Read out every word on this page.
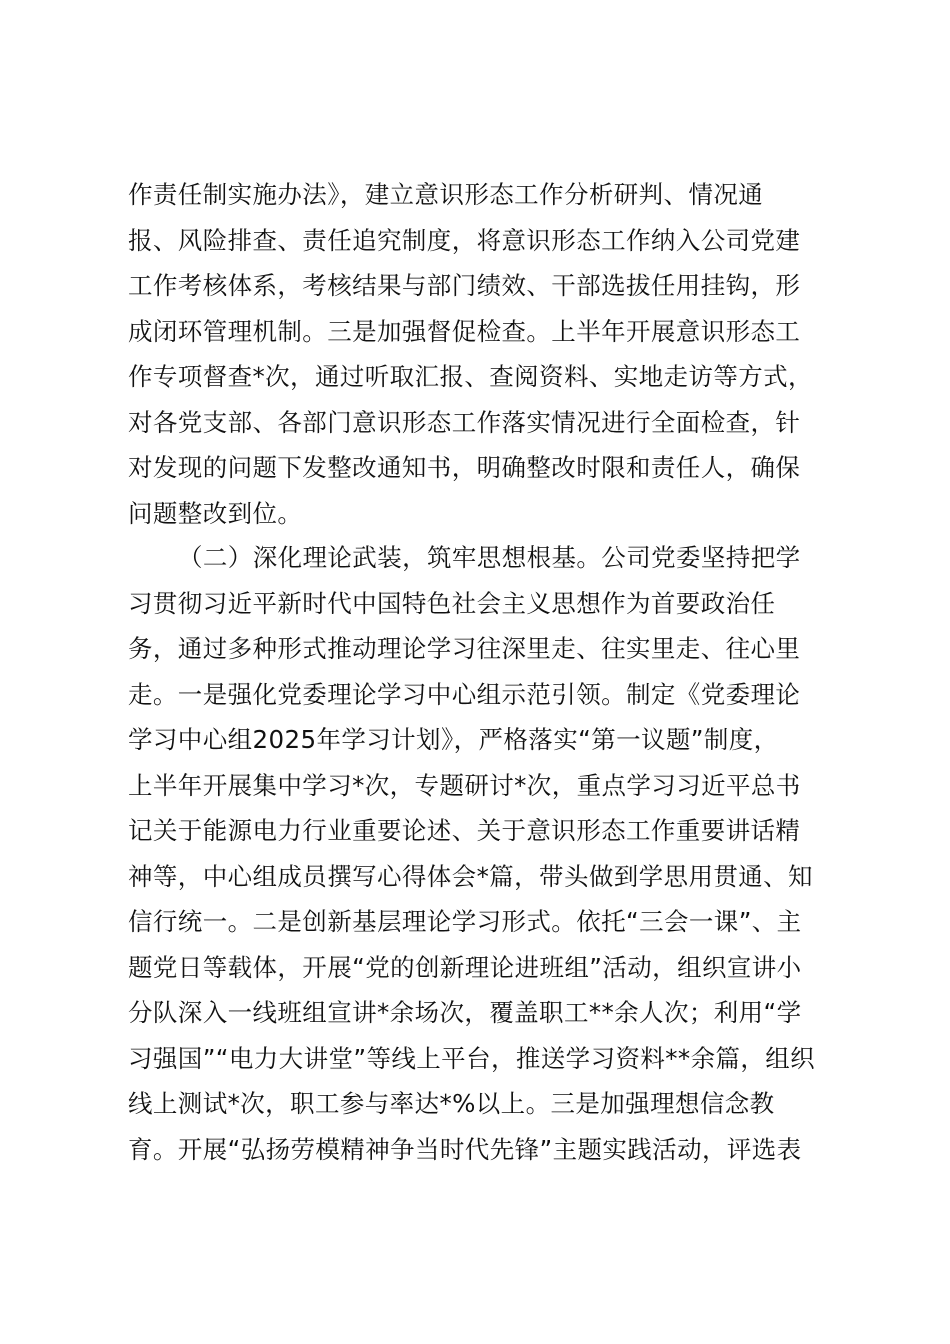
作责任制实施办法》，建立意识形态工作分析研判、情况通
报、风险排查、责任追究制度，将意识形态工作纳入公司党建
工作考核体系，考核结果与部门绩效、干部选拔任用挂钩，形
成闭环管理机制。三是加强督促检查。上半年开展意识形态工
作专项督查*次，通过听取汇报、查阅资料、实地走访等方式，
对各党支部、各部门意识形态工作落实情况进行全面检查，针
对发现的问题下发整改通知书，明确整改时限和责任人，确保
问题整改到位。
（二）深化理论武装，筑牢思想根基。公司党委坚持把学
习贯彻习近平新时代中国特色社会主义思想作为首要政治任
务，通过多种形式推动理论学习往深里走、往实里走、往心里
走。一是强化党委理论学习中心组示范引领。制定《党委理论
学习中心组2025年学习计划》，严格落实“第一议题”制度，
上半年开展集中学习*次，专题研讨*次，重点学习习近平总书
记关于能源电力行业重要论述、关于意识形态工作重要讲话精
神等，中心组成员撰写心得体会*篇，带头做到学思用贯通、知
信行统一。二是创新基层理论学习形式。依托“三会一课”、主
题党日等载体，开展“党的创新理论进班组”活动，组织宣讲小
分队深入一线班组宣讲*余场次，覆盖职工**余人次；利用“学
习强国”“电力大讲堂”等线上平台，推送学习资料**余篇，组织
线上测试*次，职工参与率达*%以上。三是加强理想信念教
育。开展“弘扬劳模精神争当时代先锋”主题实践活动，评选表
